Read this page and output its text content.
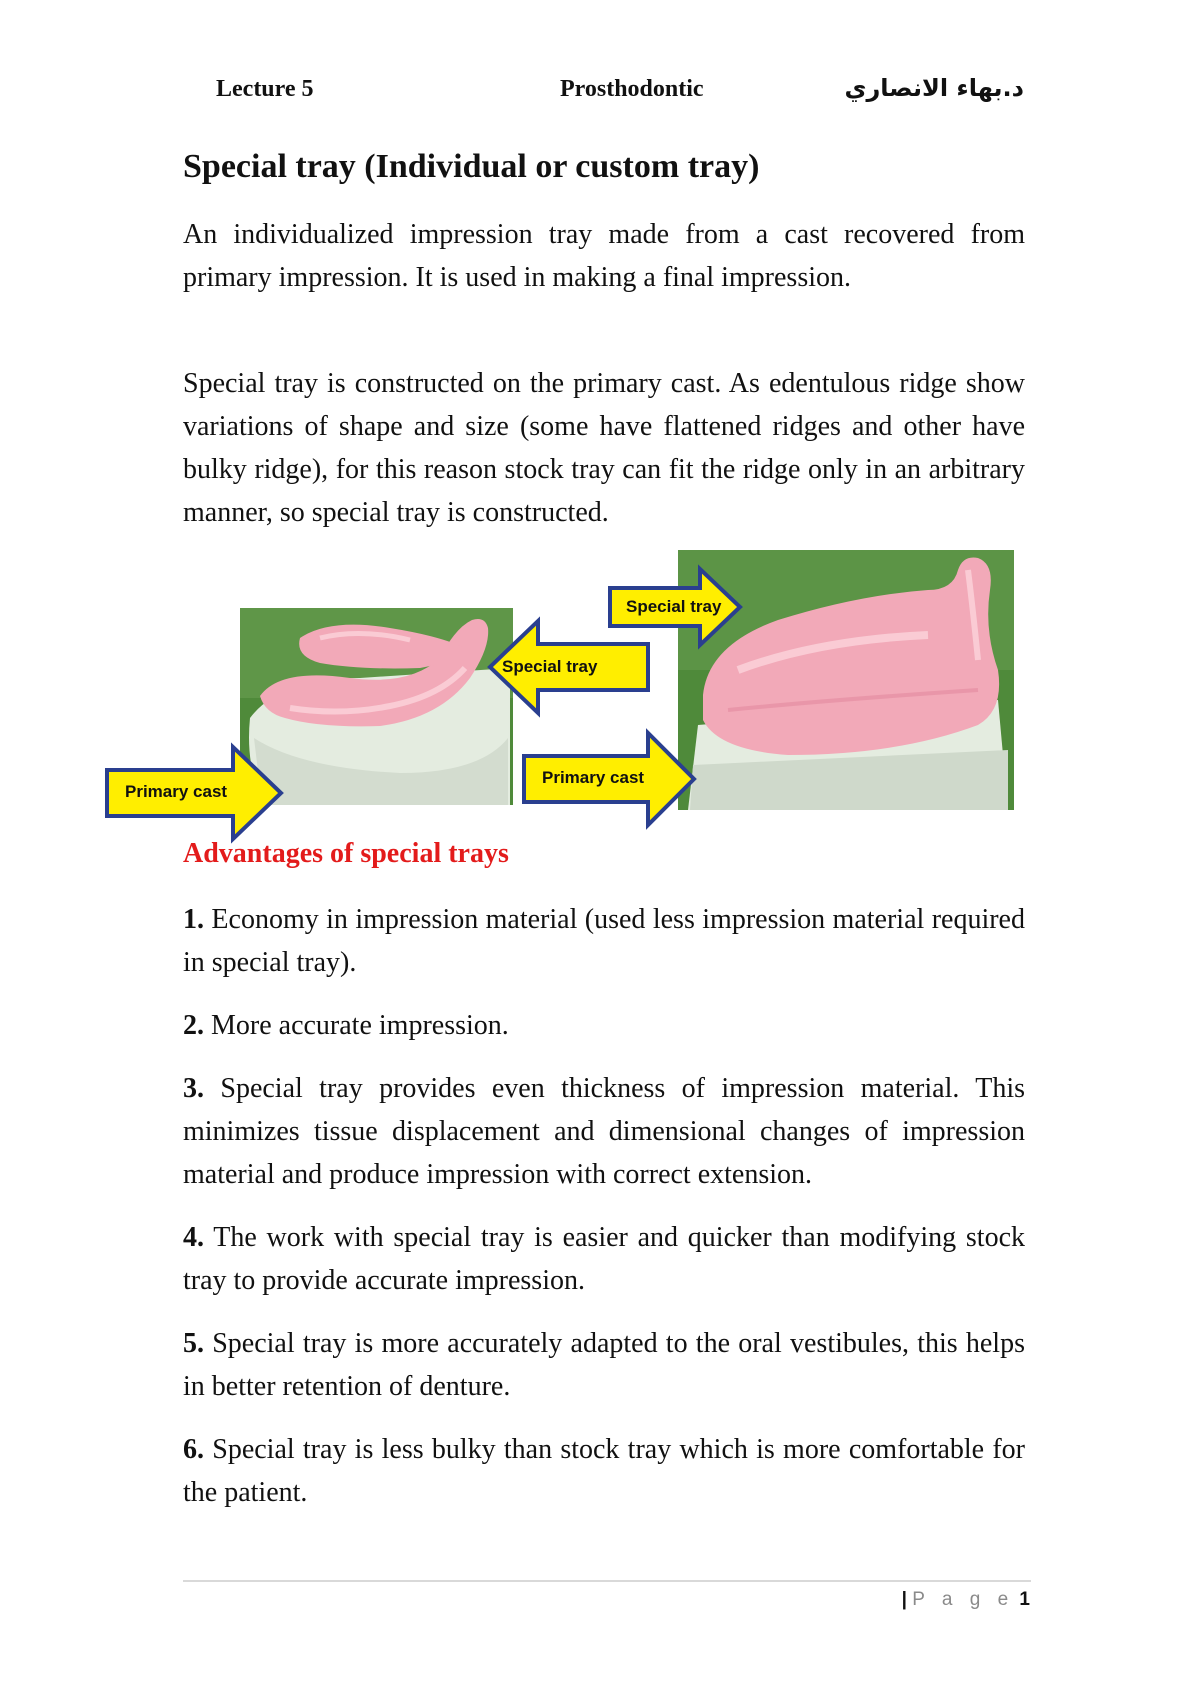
Lecture 5	Prosthodontic	د.بهاء الانصاري
Special tray (Individual or custom tray)

An individualized impression tray made from a cast recovered from primary impression. It is used in making a final impression.

Special tray is constructed on the primary cast. As edentulous ridge show variations of shape and size (some have flattened ridges and other have bulky ridge), for this reason stock tray can fit the ridge only in an arbitrary manner, so special tray is constructed.

Special tray
Special tray
Primary cast
Primary cast
Advantages of special trays
1. Economy in impression material (used less impression material required in special tray).
2. More accurate impression.
3. Special tray provides even thickness of impression material. This minimizes tissue displacement and dimensional changes of impression material and produce impression with correct extension.
4. The work with special tray is easier and quicker than modifying stock tray to provide accurate impression.
5. Special tray is more accurately adapted to the oral vestibules, this helps in better retention of denture.
6. Special tray is less bulky than stock tray which is more comfortable for the patient.
| P a g e 1
